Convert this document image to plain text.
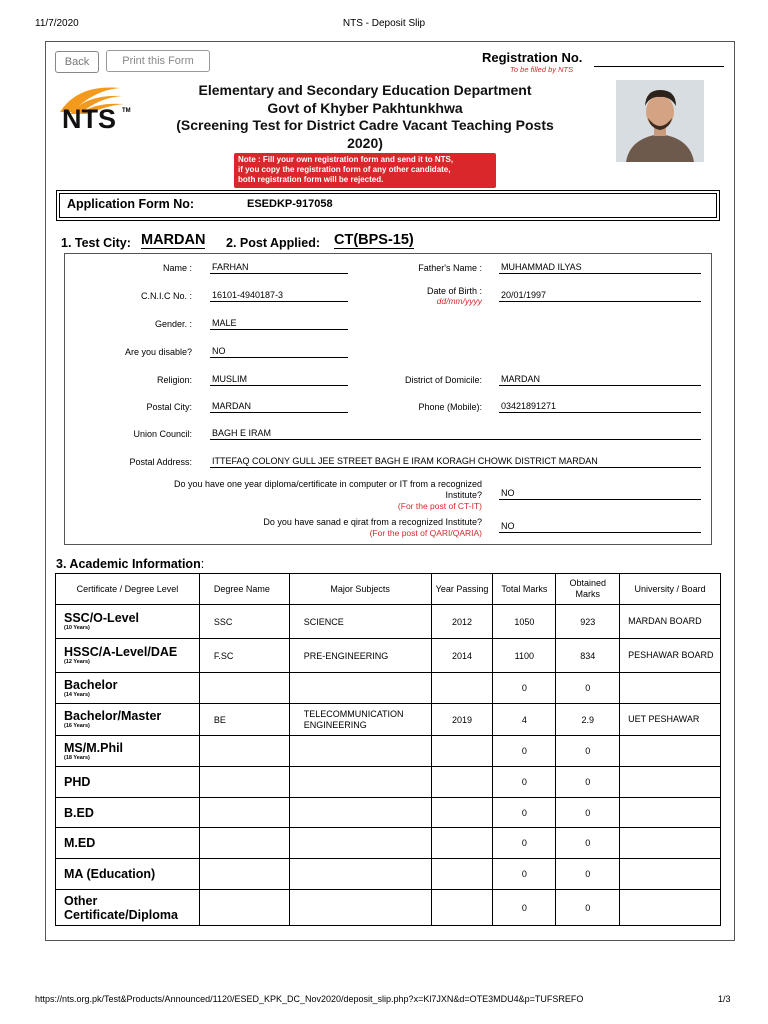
11/7/2020	NTS - Deposit Slip
Back	Print this Form	Registration No.
To be filled by NTS
NTS TM
Elementary and Secondary Education Department
Govt of Khyber Pakhtunkhwa
(Screening Test for District Cadre Vacant Teaching Posts
2020)
Note : Fill your own registration form and send it to NTS,
if you copy the registration form of any other candidate,
both registration form will be rejected.
Application Form No:	ESEDKP-917058
1. Test City: MARDAN 2. Post Applied: CT(BPS-15)
Name : FARHAN	Father's Name : MUHAMMAD ILYAS
C.N.I.C No. : 16101-4940187-3	Date of Birth :
dd/mm/yyyy
20/01/1997
Gender. : MALE
Are you disable? NO
Religion: MUSLIM	District of Domicile: MARDAN
Postal City: MARDAN	Phone (Mobile): 03421891271
Union Council: BAGH E IRAM
Postal Address: ITTEFAQ COLONY GULL JEE STREET BAGH E IRAM KORAGH CHOWK DISTRICT MARDAN
Do you have one year diploma/certificate in computer or IT from a recognized
Institute?
(For the post of CT-IT)
NO
Do you have sanad e qirat from a recognized Institute?
(For the post of QARI/QARIA)
NO
3. Academic Information:
Certificate / Degree Level	Degree Name	Major Subjects	Year Passing	Total Marks	Obtained Marks	University / Board
SSC/O-Level
(10 Years)	SSC	SCIENCE	2012	1050	923	MARDAN BOARD
HSSC/A-Level/DAE
(12 Years)	F.SC	PRE-ENGINEERING	2014	1100	834	PESHAWAR BOARD
Bachelor
(14 Years)				0	0	
Bachelor/Master
(16 Years)	BE	TELECOMMUNICATION ENGINEERING	2019	4	2.9	UET PESHAWAR
MS/M.Phil
(18 Years)				0	0	
PHD				0	0	
B.ED				0	0	
M.ED				0	0	
MA (Education)				0	0	
Other Certificate/Diploma				0	0	
https://nts.org.pk/Test&Products/Announced/1120/ESED_KPK_DC_Nov2020/deposit_slip.php?x=Kl7JXN&d=OTE3MDU4&p=TUFSREFO	1/3
